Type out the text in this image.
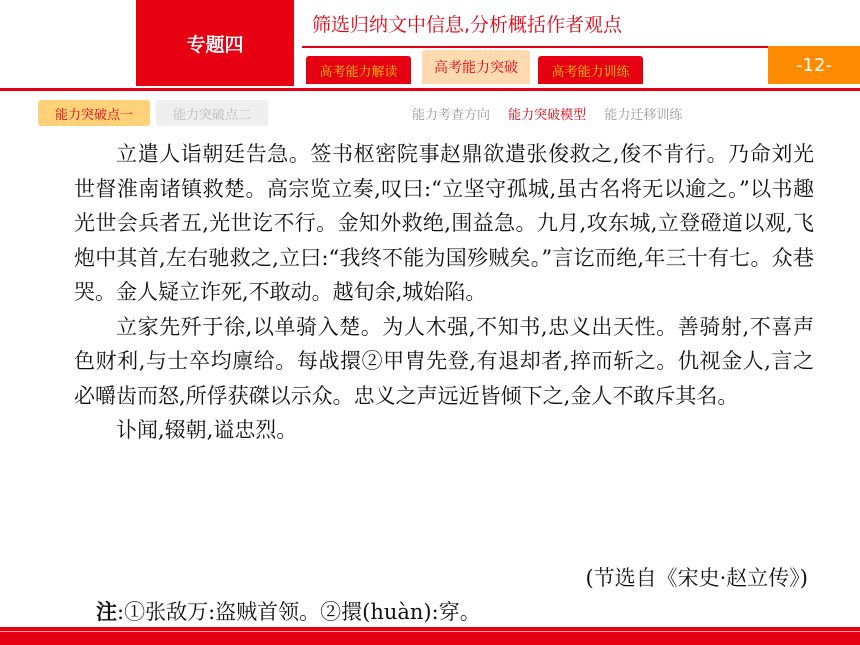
专题四
筛选归纳文中信息,分析概括作者观点
高考能力解读	高考能力突破	高考能力训练	-12-
能力突破点一	能力突破点二	能力考查方向 能力突破模型 能力迁移训练

立遣人诣朝廷告急。签书枢密院事赵鼎欲遣张俊救之,俊不肯行。乃命刘光世督淮南诸镇救楚。高宗览立奏,叹曰:“立坚守孤城,虽古名将无以逾之。”以书趣光世会兵者五,光世讫不行。金知外救绝,围益急。九月,攻东城,立登磴道以观,飞炮中其首,左右驰救之,立曰:“我终不能为国殄贼矣。”言讫而绝,年三十有七。众巷哭。金人疑立诈死,不敢动。越旬余,城始陷。

立家先歼于徐,以单骑入楚。为人木强,不知书,忠义出天性。善骑射,不喜声色财利,与士卒均廪给。每战擐②甲胄先登,有退却者,捽而斩之。仇视金人,言之必嚼齿而怒,所俘获磔以示众。忠义之声远近皆倾下之,金人不敢斥其名。

讣闻,辍朝,谥忠烈。

(节选自《宋史·赵立传》)
注:①张敌万:盗贼首领。②擐(huàn):穿。
